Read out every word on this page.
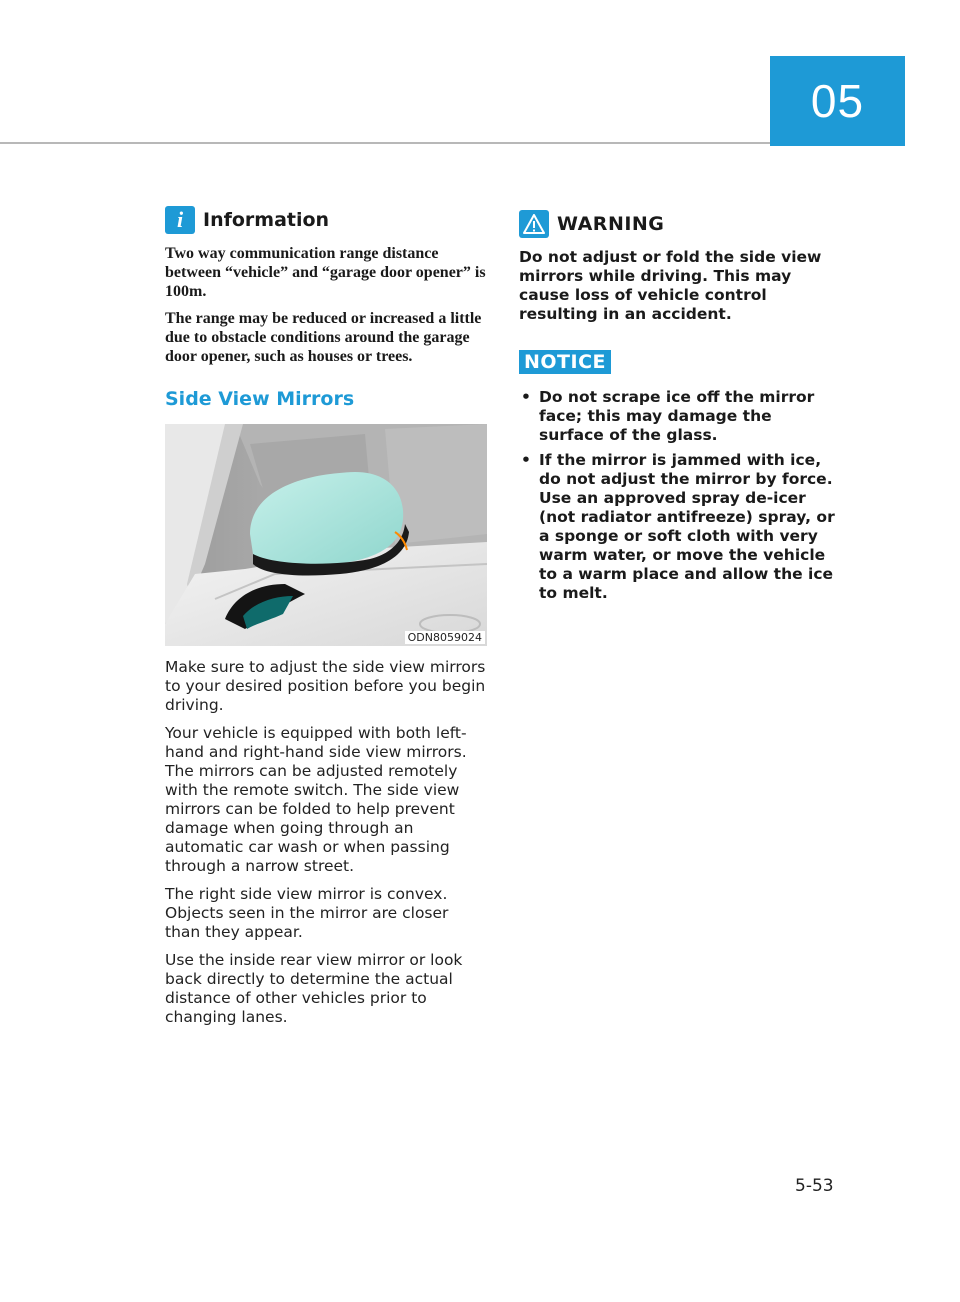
05
i	Information

Two way communication range distance between “vehicle” and “garage door opener” is 100m.

The range may be reduced or increased a little due to obstacle conditions around the garage door opener, such as houses or trees.

Side View Mirrors
ODN8059024

Make sure to adjust the side view mirrors to your desired position before you begin driving.

Your vehicle is equipped with both left-hand and right-hand side view mirrors. The mirrors can be adjusted remotely with the remote switch. The side view mirrors can be folded to help prevent damage when going through an automatic car wash or when passing through a narrow street.

The right side view mirror is convex. Objects seen in the mirror are closer than they appear.

Use the inside rear view mirror or look back directly to determine the actual distance of other vehicles prior to changing lanes.

WARNING

Do not adjust or fold the side view mirrors while driving. This may cause loss of vehicle control resulting in an accident.

NOTICE
• Do not scrape ice off the mirror face; this may damage the surface of the glass.
• If the mirror is jammed with ice, do not adjust the mirror by force. Use an approved spray de-icer (not radiator antifreeze) spray, or a sponge or soft cloth with very warm water, or move the vehicle to a warm place and allow the ice to melt.
5-53
